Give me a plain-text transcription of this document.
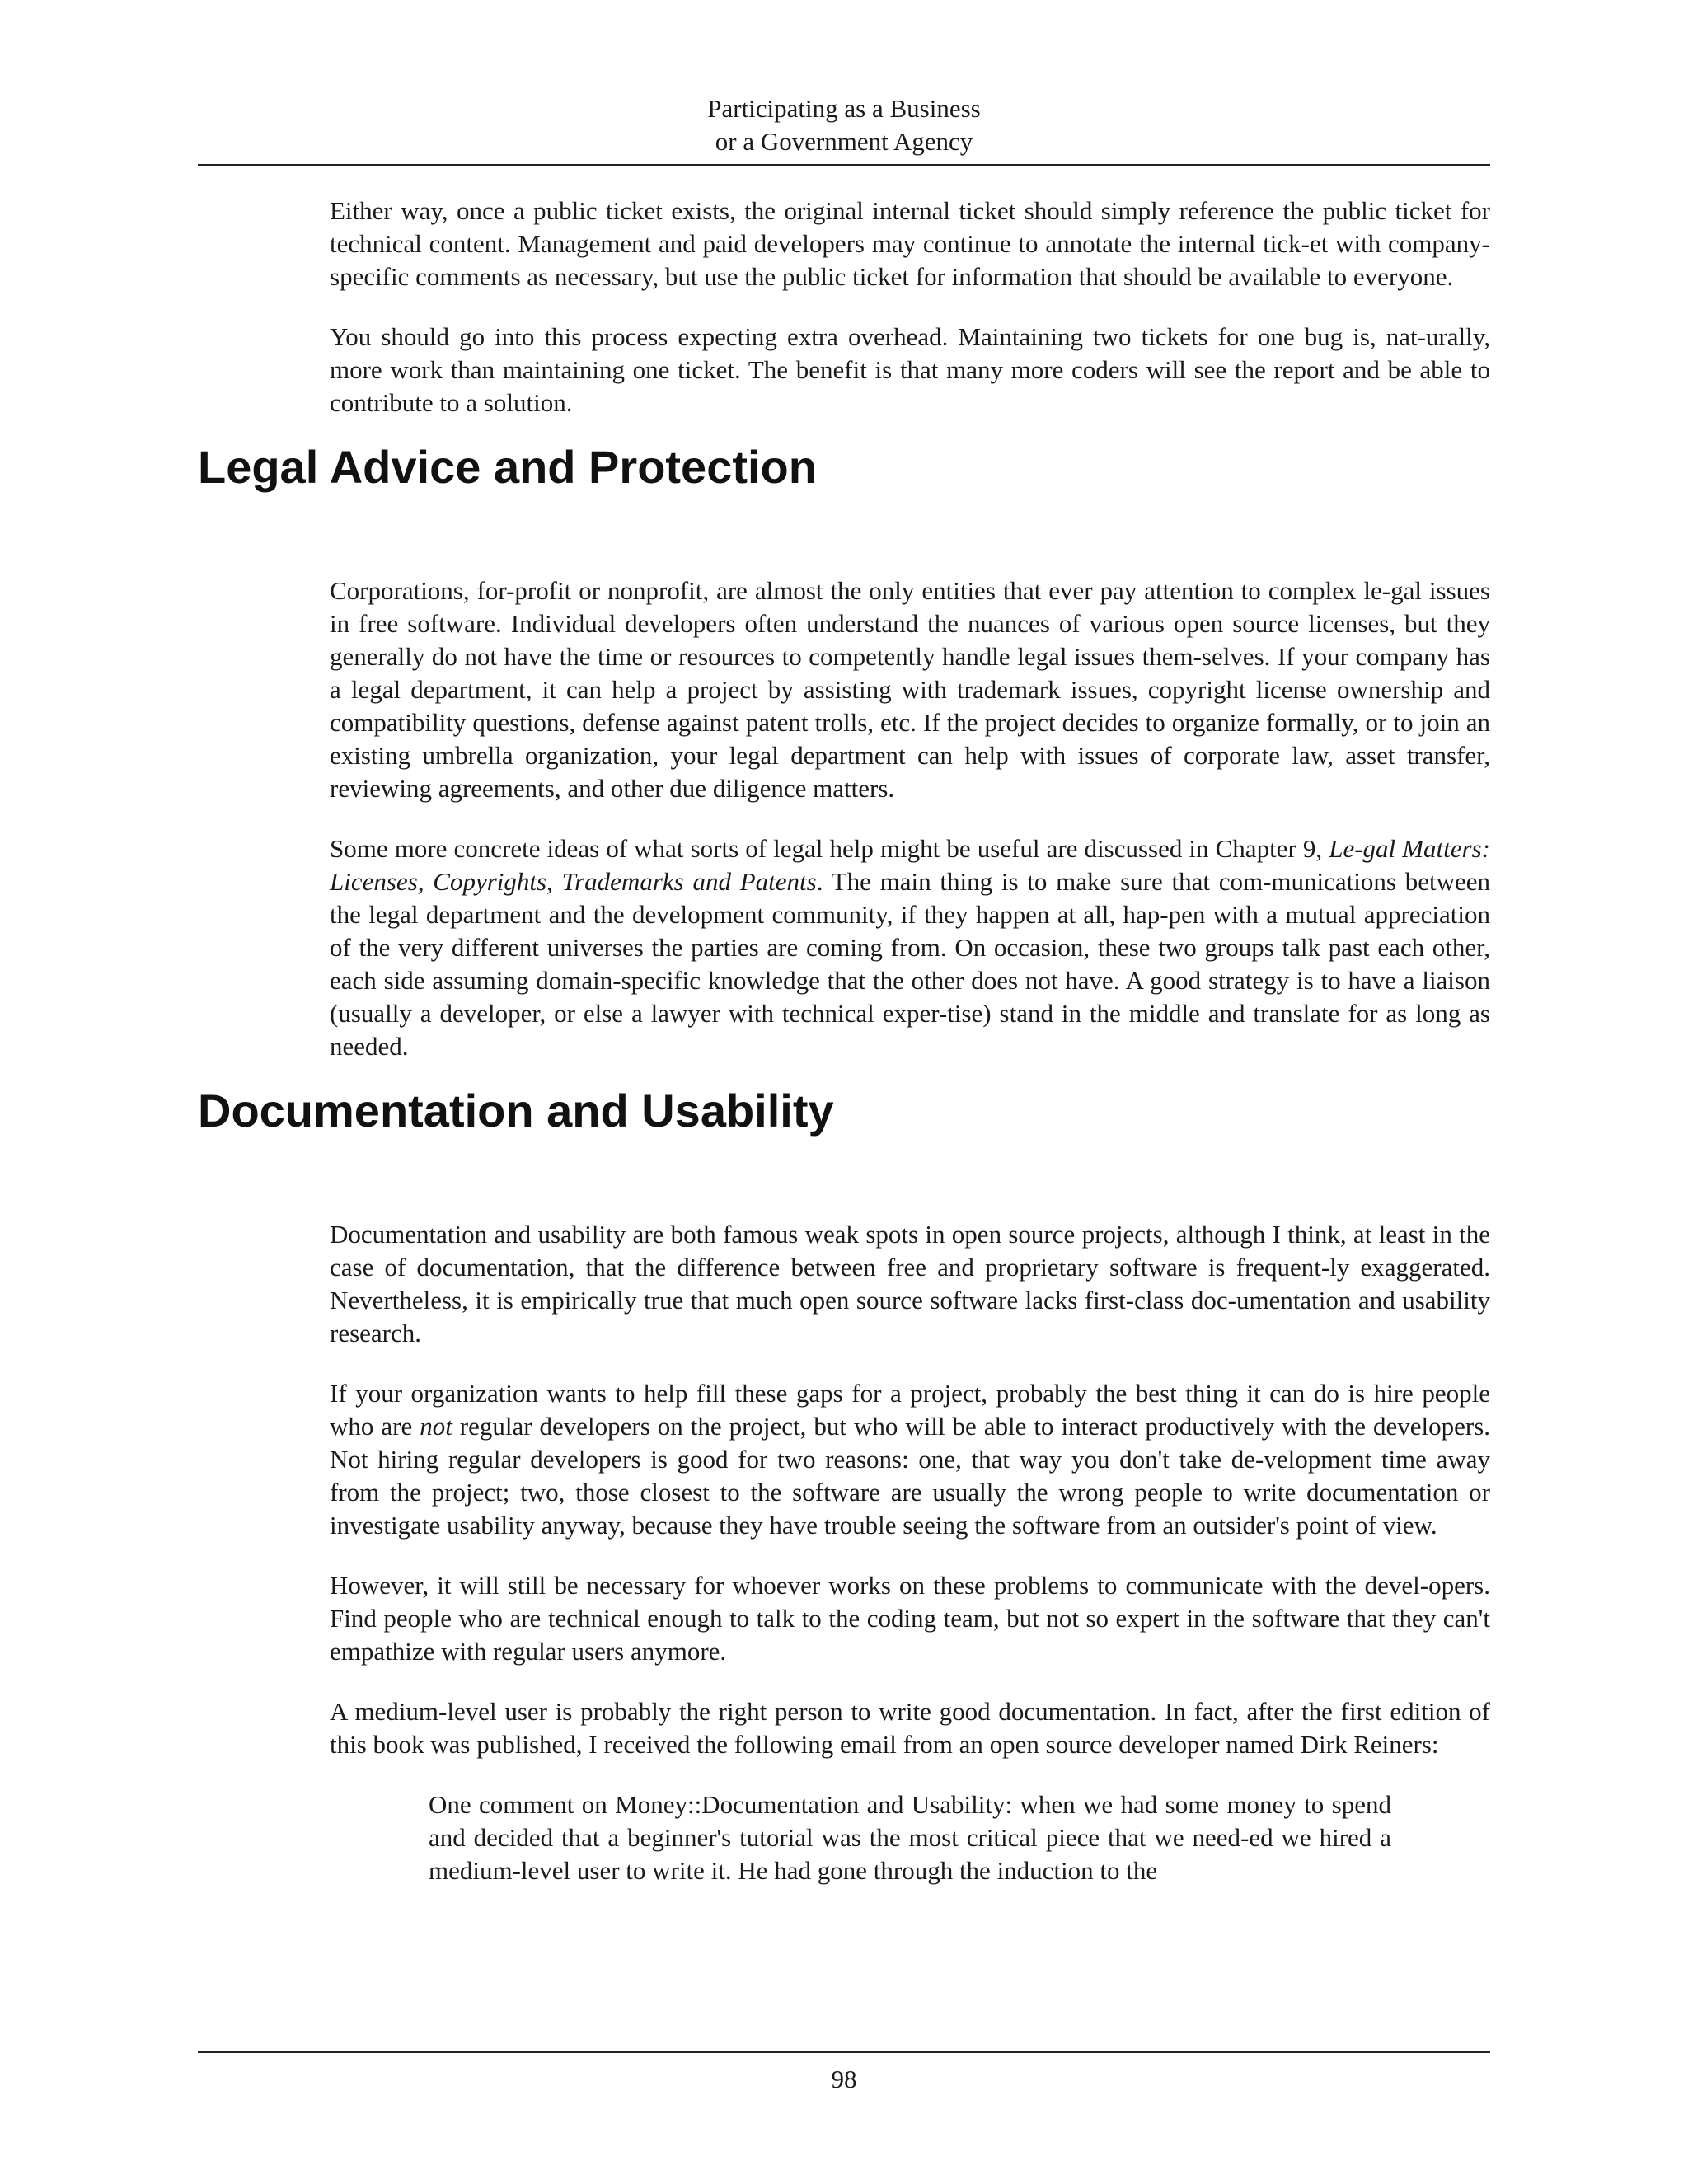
Participating as a Business
or a Government Agency

Either way, once a public ticket exists, the original internal ticket should simply reference the public ticket for technical content. Management and paid developers may continue to annotate the internal tick-et with company-specific comments as necessary, but use the public ticket for information that should be available to everyone.

You should go into this process expecting extra overhead. Maintaining two tickets for one bug is, nat-urally, more work than maintaining one ticket. The benefit is that many more coders will see the report and be able to contribute to a solution.

Legal Advice and Protection

Corporations, for-profit or nonprofit, are almost the only entities that ever pay attention to complex le-gal issues in free software. Individual developers often understand the nuances of various open source licenses, but they generally do not have the time or resources to competently handle legal issues them-selves. If your company has a legal department, it can help a project by assisting with trademark issues, copyright license ownership and compatibility questions, defense against patent trolls, etc. If the project decides to organize formally, or to join an existing umbrella organization, your legal department can help with issues of corporate law, asset transfer, reviewing agreements, and other due diligence matters.

Some more concrete ideas of what sorts of legal help might be useful are discussed in Chapter 9, Le-gal Matters: Licenses, Copyrights, Trademarks and Patents. The main thing is to make sure that com-munications between the legal department and the development community, if they happen at all, hap-pen with a mutual appreciation of the very different universes the parties are coming from. On occasion, these two groups talk past each other, each side assuming domain-specific knowledge that the other does not have. A good strategy is to have a liaison (usually a developer, or else a lawyer with technical exper-tise) stand in the middle and translate for as long as needed.

Documentation and Usability

Documentation and usability are both famous weak spots in open source projects, although I think, at least in the case of documentation, that the difference between free and proprietary software is frequent-ly exaggerated. Nevertheless, it is empirically true that much open source software lacks first-class doc-umentation and usability research.

If your organization wants to help fill these gaps for a project, probably the best thing it can do is hire people who are not regular developers on the project, but who will be able to interact productively with the developers. Not hiring regular developers is good for two reasons: one, that way you don't take de-velopment time away from the project; two, those closest to the software are usually the wrong people to write documentation or investigate usability anyway, because they have trouble seeing the software from an outsider's point of view.

However, it will still be necessary for whoever works on these problems to communicate with the devel-opers. Find people who are technical enough to talk to the coding team, but not so expert in the software that they can't empathize with regular users anymore.

A medium-level user is probably the right person to write good documentation. In fact, after the first edition of this book was published, I received the following email from an open source developer named Dirk Reiners:

One comment on Money::Documentation and Usability: when we had some money to spend and decided that a beginner's tutorial was the most critical piece that we need-ed we hired a medium-level user to write it. He had gone through the induction to the

98
